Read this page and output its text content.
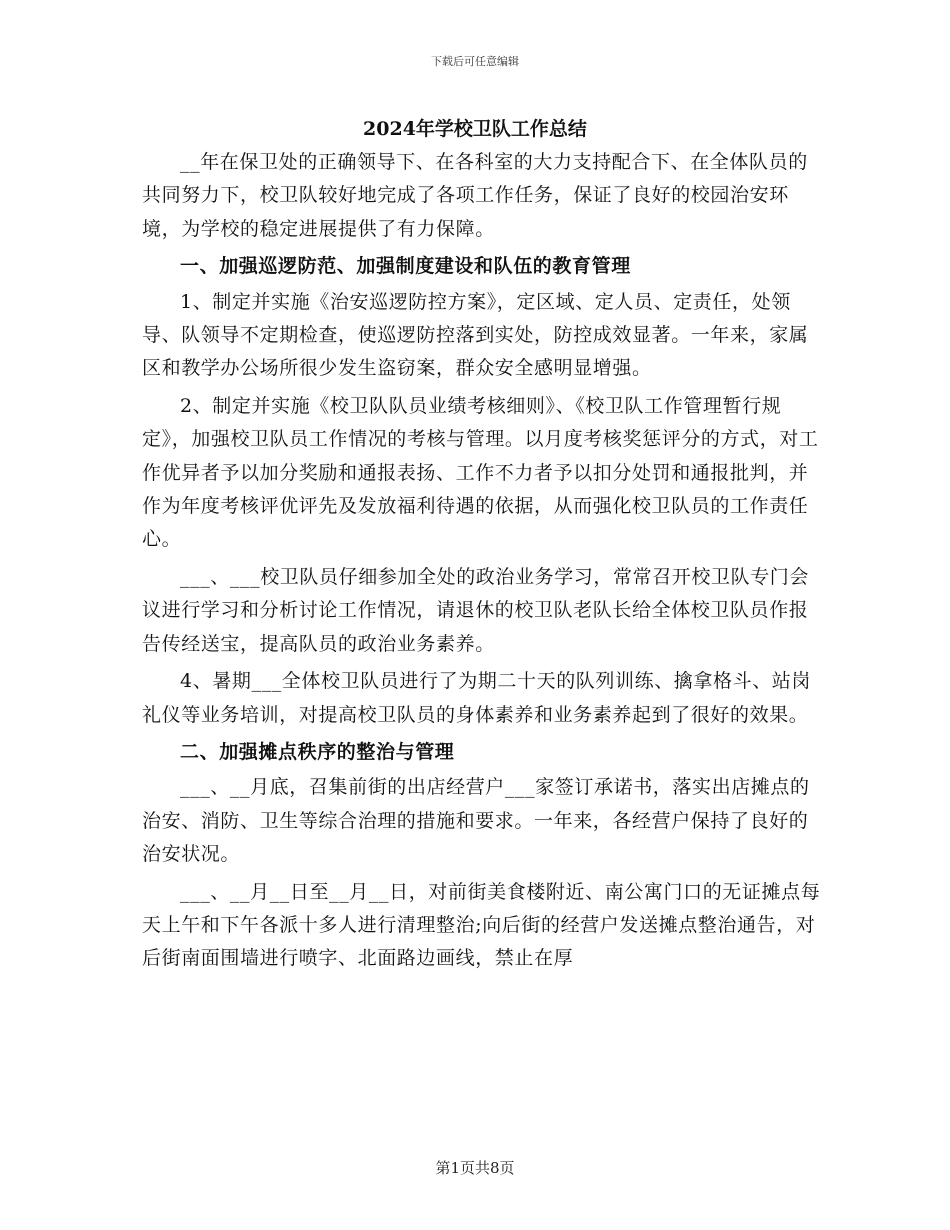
下载后可任意编辑
2024年学校卫队工作总结

__年在保卫处的正确领导下、在各科室的大力支持配合下、在全体队员的共同努力下，校卫队较好地完成了各项工作任务，保证了良好的校园治安环境，为学校的稳定进展提供了有力保障。

一、加强巡逻防范、加强制度建设和队伍的教育管理

1、制定并实施《治安巡逻防控方案》，定区域、定人员、定责任，处领导、队领导不定期检查，使巡逻防控落到实处，防控成效显著。一年来，家属区和教学办公场所很少发生盗窃案，群众安全感明显增强。

2、制定并实施《校卫队队员业绩考核细则》、《校卫队工作管理暂行规定》，加强校卫队员工作情况的考核与管理。以月度考核奖惩评分的方式，对工作优异者予以加分奖励和通报表扬、工作不力者予以扣分处罚和通报批判，并作为年度考核评优评先及发放福利待遇的依据，从而强化校卫队员的工作责任心。

___、___校卫队员仔细参加全处的政治业务学习，常常召开校卫队专门会议进行学习和分析讨论工作情况，请退休的校卫队老队长给全体校卫队员作报告传经送宝，提高队员的政治业务素养。

4、暑期___全体校卫队员进行了为期二十天的队列训练、擒拿格斗、站岗礼仪等业务培训，对提高校卫队员的身体素养和业务素养起到了很好的效果。

二、加强摊点秩序的整治与管理

___、__月底，召集前街的出店经营户___家签订承诺书，落实出店摊点的治安、消防、卫生等综合治理的措施和要求。一年来，各经营户保持了良好的治安状况。

___、__月__日至__月__日，对前街美食楼附近、南公寓门口的无证摊点每天上午和下午各派十多人进行清理整治;向后街的经营户发送摊点整治通告，对后街南面围墙进行喷字、北面路边画线，禁止在厚

第1页共8页
